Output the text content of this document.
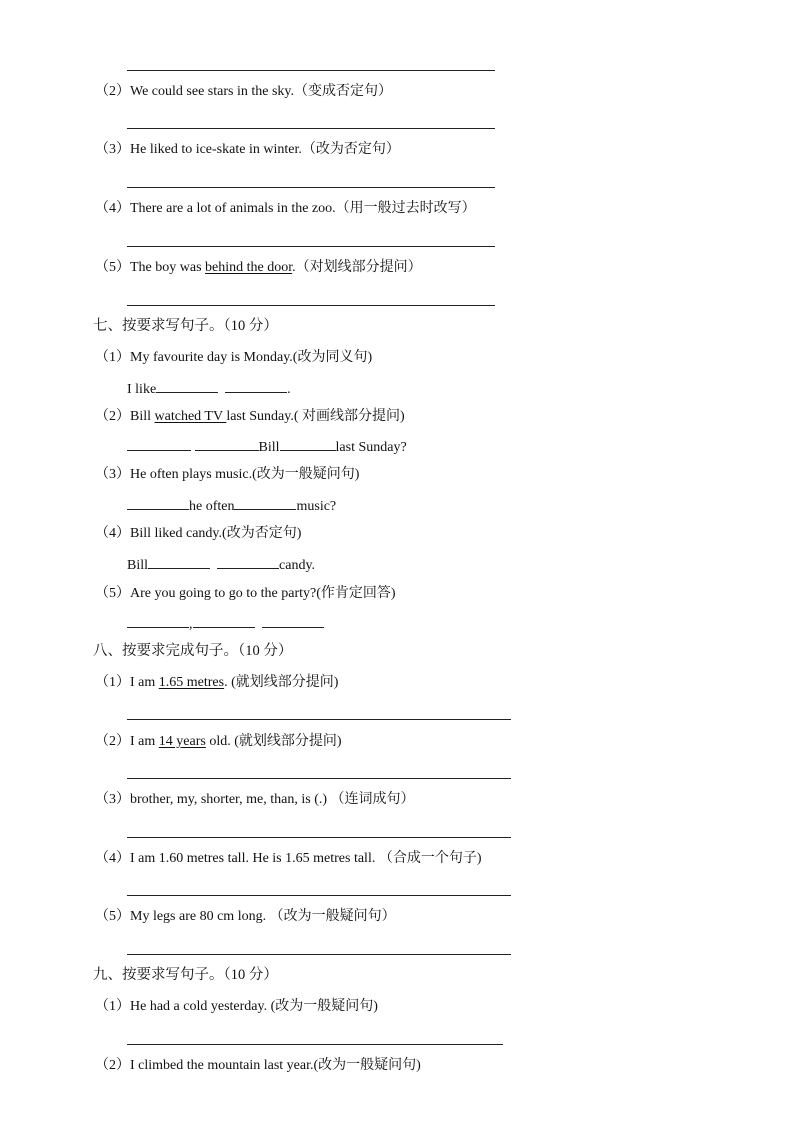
（2）We could see stars in the sky.（变成否定句）
（3）He liked to ice-skate in winter.（改为否定句）
（4）There are a lot of animals in the zoo.（用一般过去时改写）
（5）The boy was behind the door.（对划线部分提问）
七、按要求写句子。（10 分）
（1）My favourite day is Monday.(改为同义句)
I like	.
（2）Bill watched TV last Sunday.( 对画线部分提问)
Bill	last Sunday?
（3）He often plays music.(改为一般疑问句)
he often	music?
（4）Bill liked candy.(改为否定句)
Bill	candy.
（5）Are you going to go to the party?(作肯定回答)
,
八、按要求完成句子。（10 分）
（1）I am 1.65 metres. (就划线部分提问)
（2）I am 14 years old. (就划线部分提问)
（3）brother, my, shorter, me, than, is (.) （连词成句）
（4）I am 1.60 metres tall. He is 1.65 metres tall. （合成一个句子)
（5）My legs are 80 cm long. （改为一般疑问句）
九、按要求写句子。（10 分）
（1）He had a cold yesterday. (改为一般疑问句)
（2）I climbed the mountain last year.(改为一般疑问句)
